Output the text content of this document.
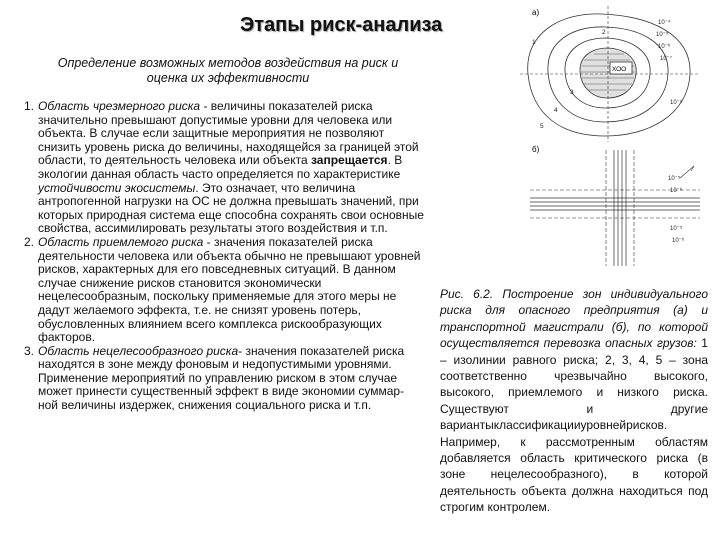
Этапы риск-анализа
Определение возможных методов воздействия на риск и оценка их эффективности
1. Область чрезмерного риска - величины показателей риска значительно превышают допустимые уровни для человека или объекта. В случае если защитные мероприятия не позволяют снизить уровень риска до величины, находящейся за границей этой области, то деятельность человека или объекта запрещается. В экологии данная область часто определяется по характеристике устойчивости экосистемы. Это означает, что величина антропогенной нагрузки на ОС не должна превышать значений, при которых природная система еще способна сохранять свои основные свойства, ассимилировать результаты этого воздействия и т.п.
2. Область приемлемого риска - значения показателей риска деятельности человека или объекта обычно не превышают уровней рисков, характерных для его повседневных ситуаций. В данном случае снижение рисков становится экономически нецелесообразным, поскольку применяемые для этого меры не дадут желаемого эффекта, т.е. не снизят уровень потерь, обусловленных влиянием всего комплекса рискообразующих факторов.
3. Область нецелесообразного риска- значения показателей риска находятся в зоне между фоновым и недопустимыми уровнями. Применение мероприятий по управлению риском в этом случае может принести существенный эффект в виде экономии суммар-ной величины издержек, снижения социального риска и т.п.
а)
ХОО
10⁻⁴
10⁻⁵
10⁻⁶
10⁻⁷
10⁻⁸
1
2
3
4
5
б)
10⁻⁵
10⁻⁶
10⁻⁵
10⁻⁶
Рис. 6.2. Построение зон индивидуального риска для опасного предприятия (а) и транспортной магистрали (б), по которой осуществляется перевозка опасных грузов: 1 – изолинии равного риска; 2, 3, 4, 5 – зона соответственно чрезвычайно высокого, высокого, приемлемого и низкого риска. Существуют и другие вариантыклассификацииуровнейрисков. Например, к рассмотренным областям добавляется область критического риска (в зоне нецелесообразного), в которой деятельность объекта должна находиться под строгим контролем.
